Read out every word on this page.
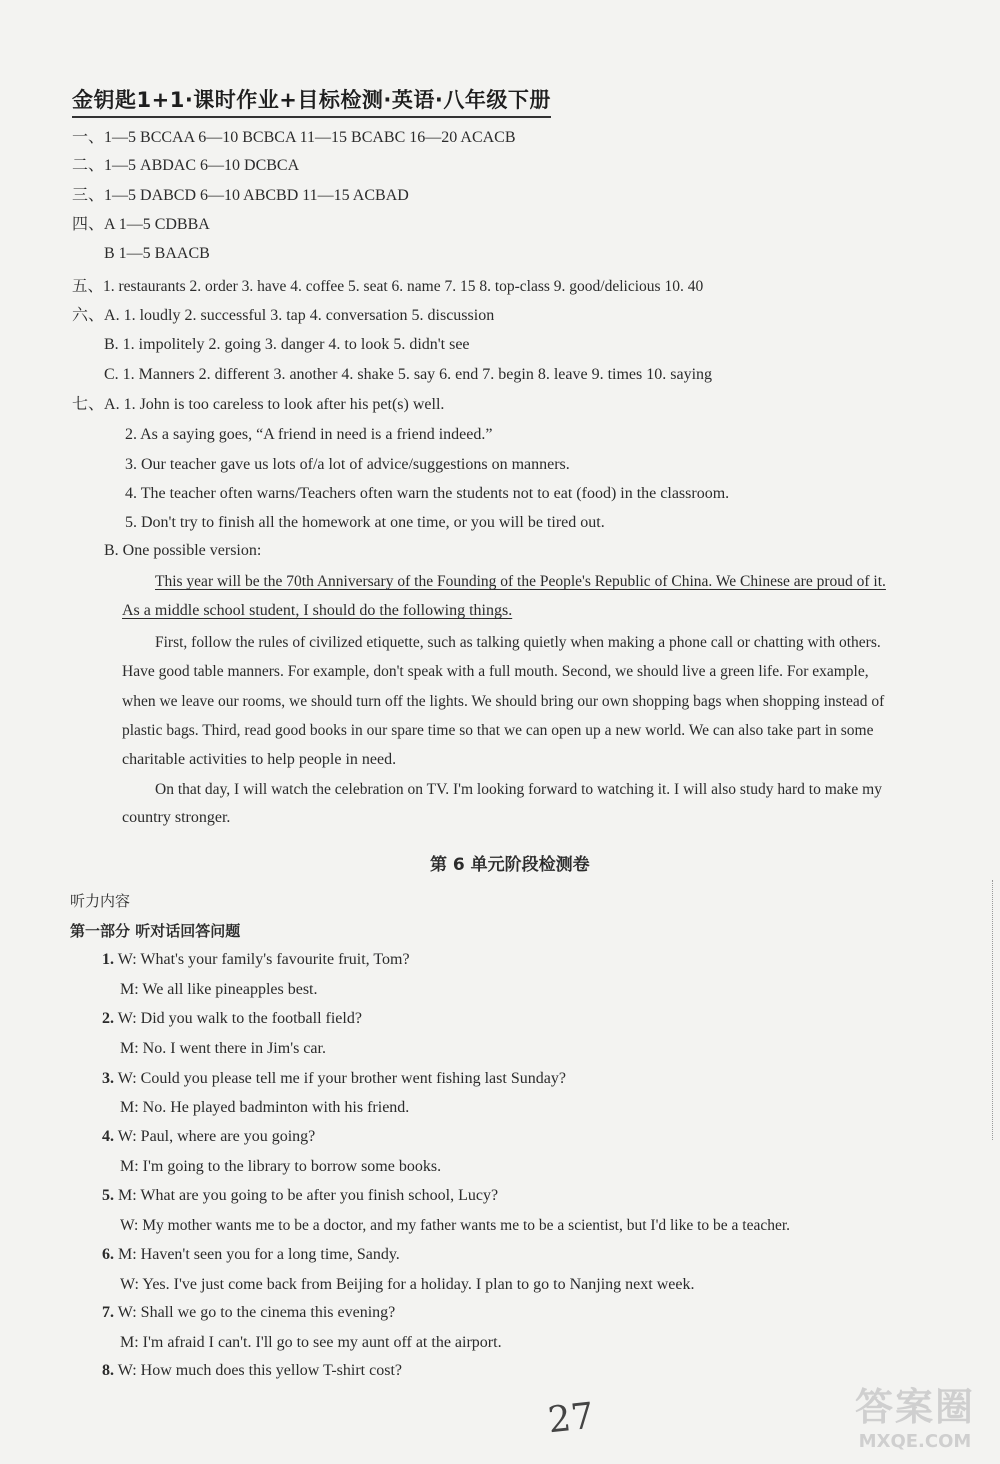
金钥匙1+1·课时作业+目标检测·英语·八年级下册
一、1—5 BCCAA 6—10 BCBCA 11—15 BCABC 16—20 ACACB
二、1—5 ABDAC 6—10 DCBCA
三、1—5 DABCD 6—10 ABCBD 11—15 ACBAD
四、A 1—5 CDBBA
B 1—5 BAACB
五、1. restaurants 2. order 3. have 4. coffee 5. seat 6. name 7. 15 8. top-class 9. good/delicious 10. 40
六、A. 1. loudly 2. successful 3. tap 4. conversation 5. discussion
B. 1. impolitely 2. going 3. danger 4. to look 5. didn't see
C. 1. Manners 2. different 3. another 4. shake 5. say 6. end 7. begin 8. leave 9. times 10. saying
七、A. 1. John is too careless to look after his pet(s) well.
2. As a saying goes, “A friend in need is a friend indeed.”
3. Our teacher gave us lots of/a lot of advice/suggestions on manners.
4. The teacher often warns/Teachers often warn the students not to eat (food) in the classroom.
5. Don't try to finish all the homework at one time, or you will be tired out.
B. One possible version:
This year will be the 70th Anniversary of the Founding of the People's Republic of China. We Chinese are proud of it.
As a middle school student, I should do the following things.
First, follow the rules of civilized etiquette, such as talking quietly when making a phone call or chatting with others.
Have good table manners. For example, don't speak with a full mouth. Second, we should live a green life. For example,
when we leave our rooms, we should turn off the lights. We should bring our own shopping bags when shopping instead of
plastic bags. Third, read good books in our spare time so that we can open up a new world. We can also take part in some
charitable activities to help people in need.
On that day, I will watch the celebration on TV. I'm looking forward to watching it. I will also study hard to make my
country stronger.
第 6 单元阶段检测卷
听力内容
第一部分 听对话回答问题
1. W: What's your family's favourite fruit, Tom?
M: We all like pineapples best.
2. W: Did you walk to the football field?
M: No. I went there in Jim's car.
3. W: Could you please tell me if your brother went fishing last Sunday?
M: No. He played badminton with his friend.
4. W: Paul, where are you going?
M: I'm going to the library to borrow some books.
5. M: What are you going to be after you finish school, Lucy?
W: My mother wants me to be a doctor, and my father wants me to be a scientist, but I'd like to be a teacher.
6. M: Haven't seen you for a long time, Sandy.
W: Yes. I've just come back from Beijing for a holiday. I plan to go to Nanjing next week.
7. W: Shall we go to the cinema this evening?
M: I'm afraid I can't. I'll go to see my aunt off at the airport.
8. W: How much does this yellow T-shirt cost?
27	答案圈
MXQE.COM
